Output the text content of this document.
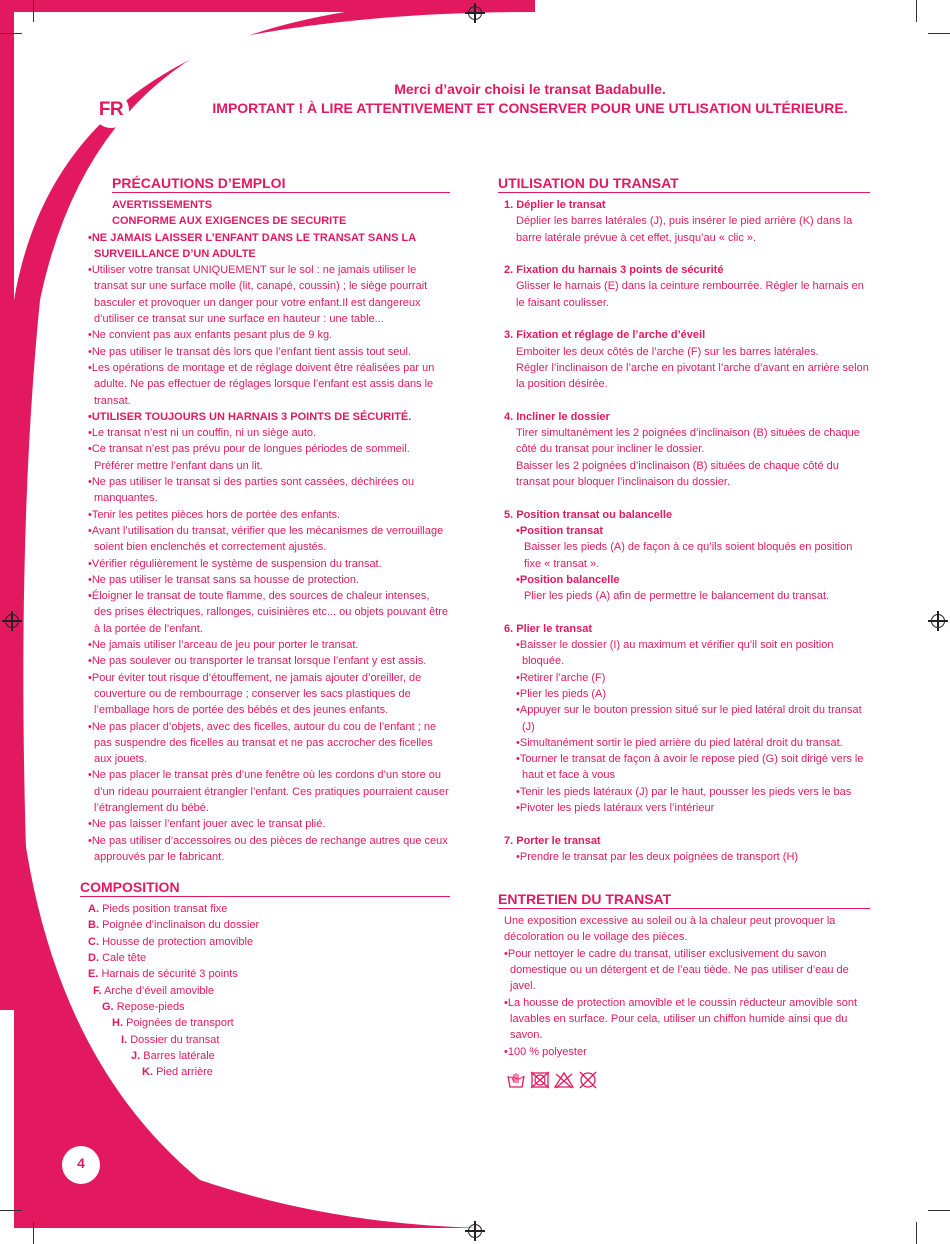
FR
4
Merci d’avoir choisi le transat Badabulle.
IMPORTANT ! À LIRE ATTENTIVEMENT ET CONSERVER POUR UNE UTLISATION ULTÉRIEURE.
PRÉCAUTIONS D’EMPLOI
AVERTISSEMENTS
CONFORME AUX EXIGENCES DE SECURITE

• NE JAMAIS LAISSER L’ENFANT DANS LE TRANSAT SANS LA SURVEILLANCE D’UN ADULTE

• Utiliser votre transat UNIQUEMENT sur le sol : ne jamais utiliser le transat sur une surface molle (lit, canapé, coussin) ; le siège pourrait basculer et provoquer un danger pour votre enfant.Il est dangereux d’utiliser ce transat sur une surface en hauteur : une table...

• Ne convient pas aux enfants pesant plus de 9 kg.

• Ne pas utiliser le transat dès lors que l’enfant tient assis tout seul.

• Les opérations de montage et de réglage doivent être réalisées par un adulte. Ne pas effectuer de réglages lorsque l’enfant est assis dans le transat.

• UTILISER TOUJOURS UN HARNAIS 3 POINTS DE SÉCURITÉ.

• Le transat n’est ni un couffin, ni un siège auto.

• Ce transat n’est pas prévu pour de longues périodes de sommeil. Préférer mettre l’enfant dans un lit.

• Ne pas utiliser le transat si des parties sont cassées, déchirées ou manquantes.

• Tenir les petites pièces hors de portée des enfants.

• Avant l’utilisation du transat, vérifier que les mécanismes de verrouillage soient bien enclenchés et correctement ajustés.

• Vérifier régulièrement le système de suspension du transat.

• Ne pas utiliser le transat sans sa housse de protection.

• Éloigner le transat de toute flamme, des sources de chaleur intenses, des prises électriques, rallonges, cuisinières etc... ou objets pouvant être à la portée de l’enfant.

• Ne jamais utiliser l’arceau de jeu pour porter le transat.

• Ne pas soulever ou transporter le transat lorsque l’enfant y est assis.

• Pour éviter tout risque d’étouffement, ne jamais ajouter d’oreiller, de couverture ou de rembourrage ; conserver les sacs plastiques de l’emballage hors de portée des bébés et des jeunes enfants.

• Ne pas placer d’objets, avec des ficelles, autour du cou de l’enfant ; ne pas suspendre des ficelles au transat et ne pas accrocher des ficelles aux jouets.

• Ne pas placer le transat près d’une fenêtre où les cordons d’un store ou d’un rideau pourraient étrangler l’enfant. Ces pratiques pourraient causer l’étranglement du bébé.

• Ne pas laisser l’enfant jouer avec le transat plié.

• Ne pas utiliser d’accessoires ou des pièces de rechange autres que ceux approuvés par le fabricant.

COMPOSITION
A. Pieds position transat fixe
B. Poignée d’inclinaison du dossier
C. Housse de protection amovible
D. Cale tête
E. Harnais de sécurité 3 points
F. Arche d’éveil amovible
G. Repose-pieds
H. Poignées de transport
I. Dossier du transat
J. Barres latérale
K. Pied arrière
UTILISATION DU TRANSAT

1. Déplier le transat

Déplier les barres latérales (J), puis insérer le pied arrière (K) dans la barre latérale prévue à cet effet, jusqu’au « clic ».

2. Fixation du harnais 3 points de sécurité

Glisser le harnais (E) dans la ceinture rembourrée. Régler le harnais en le faisant coulisser.

3. Fixation et réglage de l’arche d’éveil

Emboiter les deux côtés de l’arche (F) sur les barres latérales.

Régler l’inclinaison de l’arche en pivotant l’arche d’avant en arrière selon la position désirée.

4. Incliner le dossier

Tirer simultanément les 2 poignées d’inclinaison (B) situées de chaque côté du transat pour incliner le dossier.

Baisser les 2 poignées d’inclinaison (B) situées de chaque côté du transat pour bloquer l’inclinaison du dossier.

5. Position transat ou balancelle

• Position transat

Baisser les pieds (A) de façon à ce qu’ils soient bloqués en position fixe « transat ».

• Position balancelle

Plier les pieds (A) afin de permettre le balancement du transat.

6. Plier le transat

• Baisser le dossier (I) au maximum et vérifier qu’il soit en position bloquée.

• Retirer l’arche (F)

• Plier les pieds (A)

• Appuyer sur le bouton pression situé sur le pied latéral droit du transat (J)

• Simultanément sortir le pied arrière du pied latéral droit du transat.

• Tourner le transat de façon à avoir le repose pied (G) soit dirigé vers le haut et face à vous

• Tenir les pieds latéraux (J) par le haut, pousser les pieds vers le bas

• Pivoter les pieds latéraux vers l’intérieur

7. Porter le transat

• Prendre le transat par les deux poignées de transport (H)

ENTRETIEN DU TRANSAT

Une exposition excessive au soleil ou à la chaleur peut provoquer la décoloration ou le voilage des pièces.

• Pour nettoyer le cadre du transat, utiliser exclusivement du savon domestique ou un détergent et de l’eau tiède. Ne pas utiliser d’eau de javel.

• La housse de protection amovible et le coussin réducteur amovible sont lavables en surface. Pour cela, utiliser un chiffon humide ainsi que du savon.

• 100 % polyester
